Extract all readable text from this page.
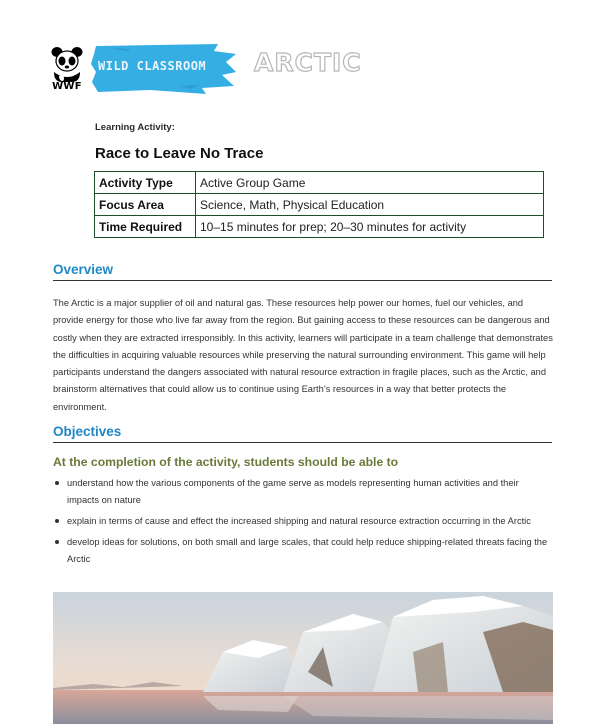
WWF
WILD CLASSROOM	ARCTIC
Learning Activity:
Race to Leave No Trace
Activity Type	Active Group Game
Focus Area	Science, Math, Physical Education
Time Required	10–15 minutes for prep; 20–30 minutes for activity
Overview

The Arctic is a major supplier of oil and natural gas. These resources help power our homes, fuel our vehicles, and provide energy for those who live far away from the region. But gaining access to these resources can be dangerous and costly when they are extracted irresponsibly. In this activity, learners will participate in a team challenge that demonstrates the difficulties in acquiring valuable resources while preserving the natural surrounding environment. This game will help participants understand the dangers associated with natural resource extraction in fragile places, such as the Arctic, and brainstorm alternatives that could allow us to continue using Earth’s resources in a way that better protects the environment.

Objectives
At the completion of the activity, students should be able to
understand how the various components of the game serve as models representing human activities and their impacts on nature
explain in terms of cause and effect the increased shipping and natural resource extraction occurring in the Arctic
develop ideas for solutions, on both small and large scales, that could help reduce shipping-related threats facing the Arctic
